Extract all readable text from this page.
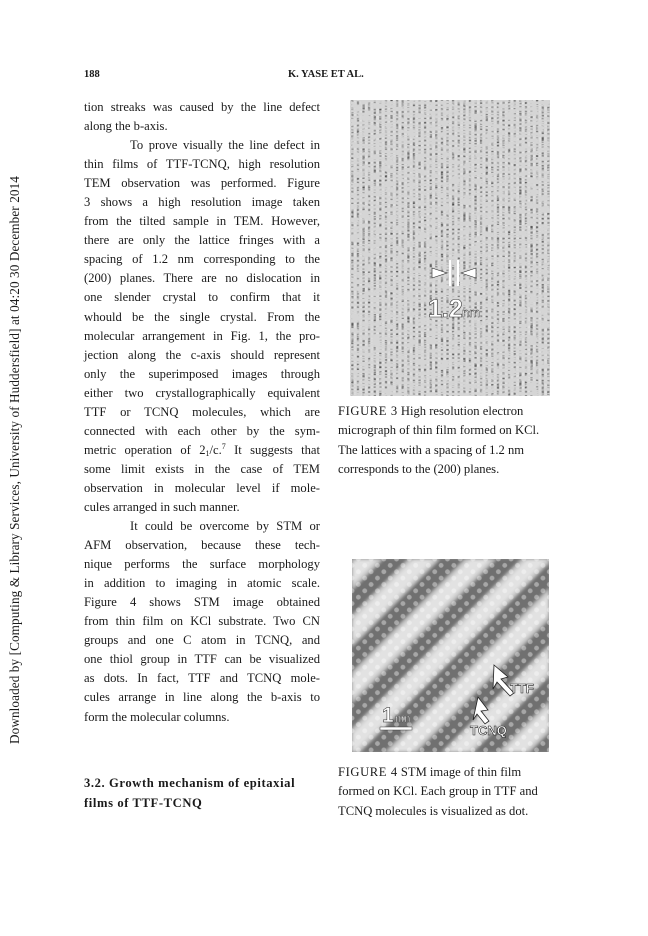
Downloaded by [Computing & Library Services, University of Huddersfield] at 04:20 30 December 2014
188	K. YASE ET AL.
tion streaks was caused by the line defect
along the b-axis.
To prove visually the line defect in
thin films of TTF-TCNQ, high resolution
TEM observation was performed. Figure
3 shows a high resolution image taken
from the tilted sample in TEM. However,
there are only the lattice fringes with a
spacing of 1.2 nm corresponding to the
(200) planes. There are no dislocation in
one slender crystal to confirm that it
whould be the single crystal. From the
molecular arrangement in Fig. 1, the pro-
jection along the c-axis should represent
only the superimposed images through
either two crystallographically equivalent
TTF or TCNQ molecules, which are
connected with each other by the sym-
metric operation of $2_1/c.^7$ It suggests that
some limit exists in the case of TEM
observation in molecular level if mole-
cules arranged in such manner.
It could be overcome by STM or
AFM observation, because these tech-
nique performs the surface morphology
in addition to imaging in atomic scale.
Figure 4 shows STM image obtained
from thin film on KCl substrate. Two CN
groups and one C atom in TCNQ, and
one thiol group in TTF can be visualized
as dots. In fact, TTF and TCNQ mole-
cules arrange in line along the b-axis to
form the molecular columns.
3.2. Growth mechanism of epitaxial films of TTF-TCNQ
1.2 nm
FIGURE 3 High resolution electron micrograph of thin film formed on KCl. The lattices with a spacing of 1.2 nm corresponds to the (200) planes.
TTF
TCNQ
1 nm
FIGURE 4 STM image of thin film formed on KCl. Each group in TTF and TCNQ molecules is visualized as dot.
